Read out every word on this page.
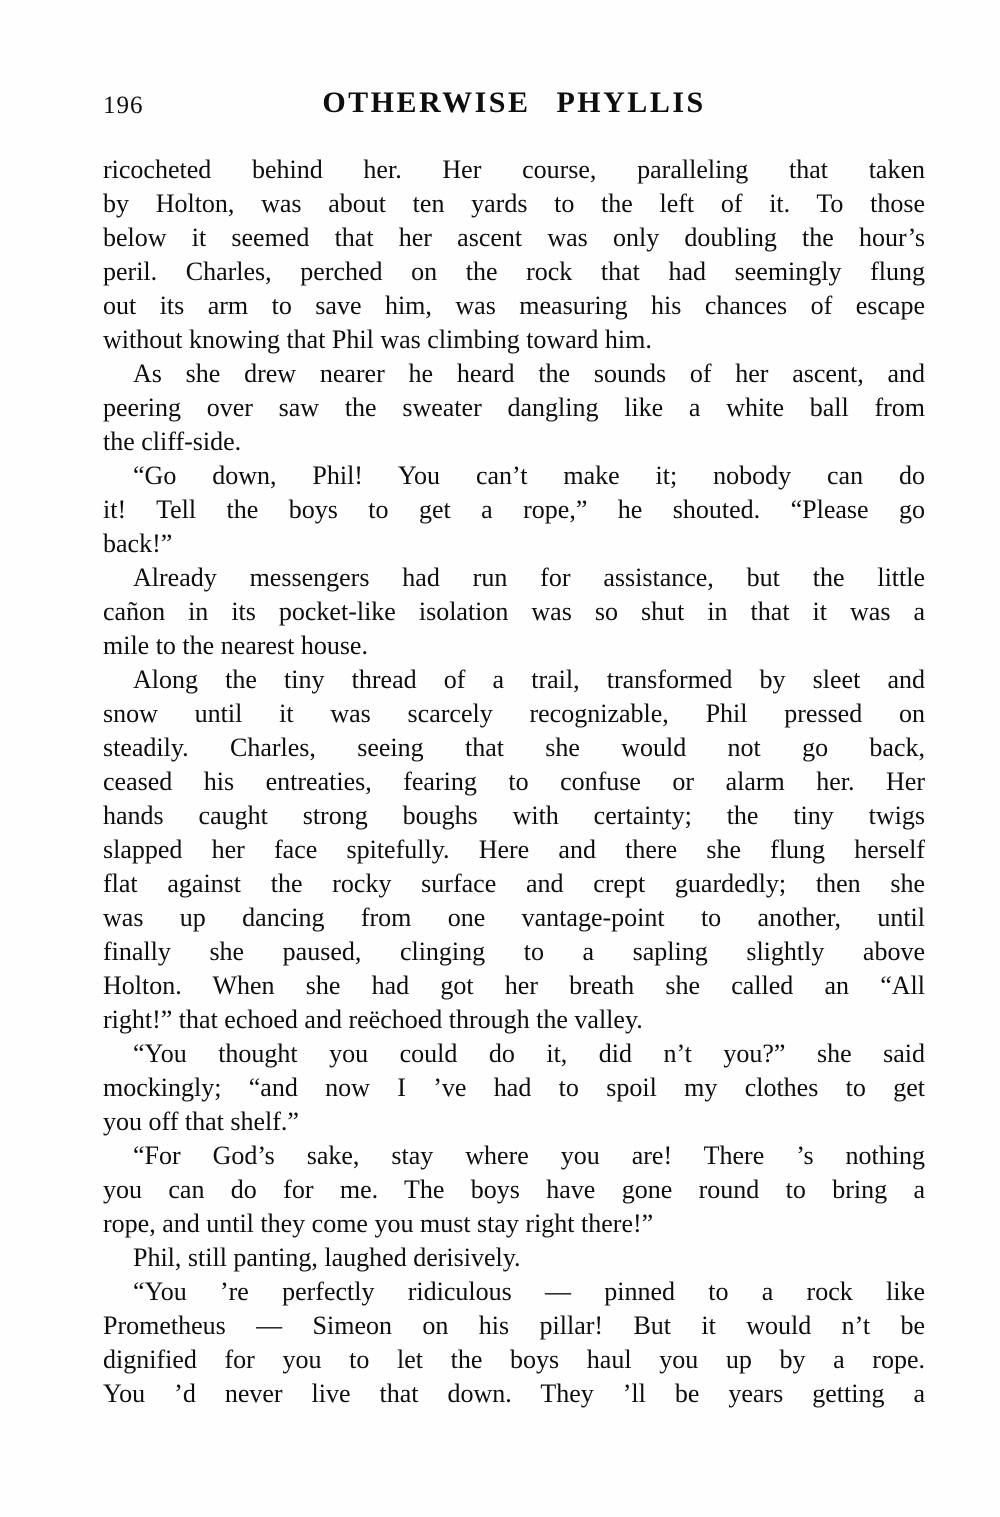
196	OTHERWISE PHYLLIS

ricocheted behind her. Her course, paralleling that taken
by Holton, was about ten yards to the left of it. To those
below it seemed that her ascent was only doubling the hour’s
peril. Charles, perched on the rock that had seemingly flung
out its arm to save him, was measuring his chances of escape
without knowing that Phil was climbing toward him.

As she drew nearer he heard the sounds of her ascent, and
peering over saw the sweater dangling like a white ball from
the cliff-side.

“Go down, Phil! You can’t make it; nobody can do
it! Tell the boys to get a rope,” he shouted. “Please go
back!”

Already messengers had run for assistance, but the little
cañon in its pocket-like isolation was so shut in that it was a
mile to the nearest house.

Along the tiny thread of a trail, transformed by sleet and
snow until it was scarcely recognizable, Phil pressed on
steadily. Charles, seeing that she would not go back,
ceased his entreaties, fearing to confuse or alarm her. Her
hands caught strong boughs with certainty; the tiny twigs
slapped her face spitefully. Here and there she flung herself
flat against the rocky surface and crept guardedly; then she
was up dancing from one vantage-point to another, until
finally she paused, clinging to a sapling slightly above
Holton. When she had got her breath she called an “All
right!” that echoed and reëchoed through the valley.

“You thought you could do it, did n’t you?” she said
mockingly; “and now I ’ve had to spoil my clothes to get
you off that shelf.”

“For God’s sake, stay where you are! There ’s nothing
you can do for me. The boys have gone round to bring a
rope, and until they come you must stay right there!”

Phil, still panting, laughed derisively.

“You ’re perfectly ridiculous — pinned to a rock like
Prometheus — Simeon on his pillar! But it would n’t be
dignified for you to let the boys haul you up by a rope.
You ’d never live that down. They ’ll be years getting a
